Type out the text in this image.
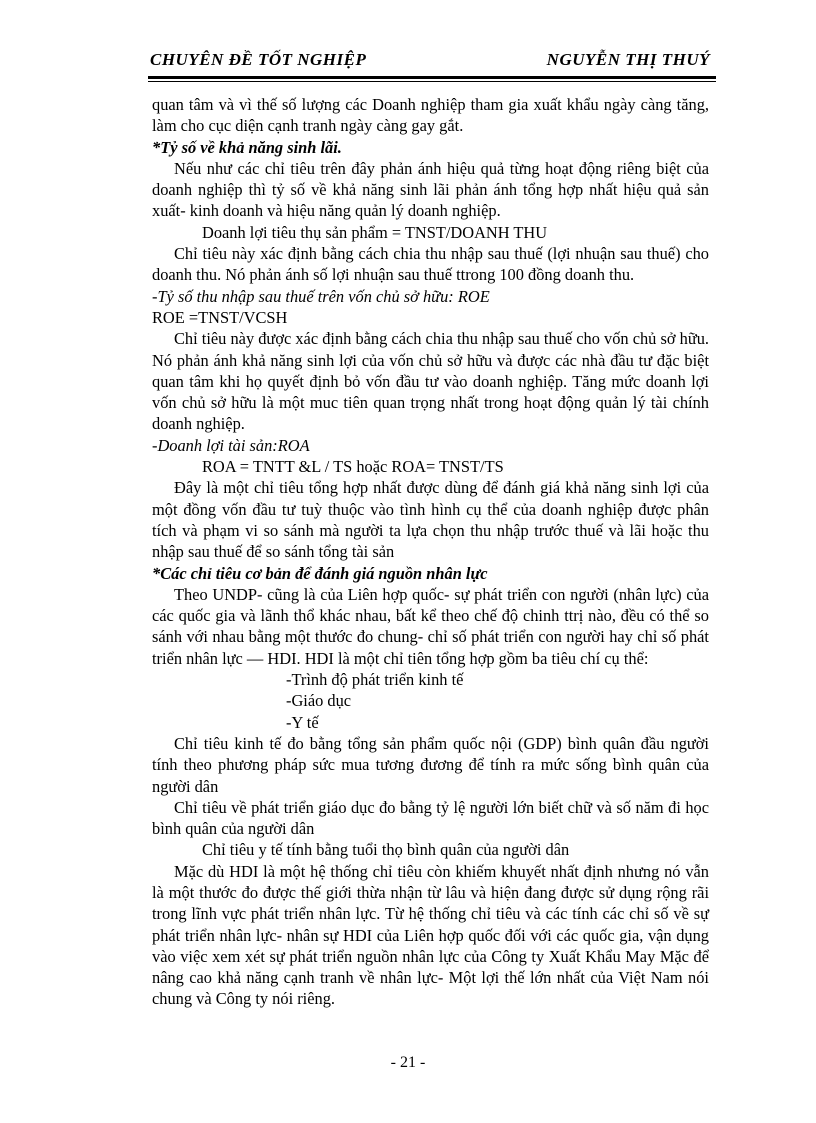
CHUYÊN ĐỀ TỐT NGHIỆP	NGUYỄN THỊ THUÝ

quan tâm và vì thế số lượng các Doanh nghiệp tham gia xuất khẩu ngày càng tăng, làm cho cục diện cạnh tranh ngày càng gay gắt.

*Tỷ số về khả năng sinh lãi.

Nếu như các chỉ tiêu trên đây phản ánh hiệu quả từng hoạt động riêng biệt của doanh nghiệp thì tỷ số về khả năng sinh lãi phản ánh tổng hợp nhất hiệu quả sản xuất- kinh doanh và hiệu năng quản lý doanh nghiệp.

Doanh lợi tiêu thụ sản phẩm = TNST/DOANH THU

Chỉ tiêu này xác định bằng cách chia thu nhập sau thuế (lợi nhuận sau thuế) cho doanh thu. Nó phản ánh số lợi nhuận sau thuế ttrong 100 đồng doanh thu.

-Tỷ số thu nhập sau thuế trên vốn chủ sở hữu: ROE

ROE =TNST/VCSH

Chỉ tiêu này được xác định bằng cách chia thu nhập sau thuế cho vốn chủ sở hữu. Nó phản ánh khả năng sinh lợi của vốn chủ sở hữu và được các nhà đầu tư đặc biệt quan tâm khi họ quyết định bỏ vốn đầu tư vào doanh nghiệp. Tăng mức doanh lợi vốn chủ sở hữu là một muc tiên quan trọng nhất trong hoạt động quản lý tài chính doanh nghiệp.

-Doanh lợi tài sản:ROA

ROA = TNTT &L / TS hoặc ROA= TNST/TS

Đây là một chỉ tiêu tổng hợp nhất được dùng để đánh giá khả năng sinh lợi của một đồng vốn đầu tư tuỳ thuộc vào tình hình cụ thể của doanh nghiệp được phân tích và phạm vi so sánh mà người ta lựa chọn thu nhập trước thuế và lãi hoặc thu nhập sau thuế để so sánh tổng tài sản

*Các chỉ tiêu cơ bản để đánh giá nguồn nhân lực

Theo UNDP- cũng là của Liên hợp quốc- sự phát triển con người (nhân lực) của các quốc gia và lãnh thổ khác nhau, bất kể theo chế độ chinh ttrị nào, đều có thể so sánh với nhau bằng một thước đo chung- chỉ số phát triển con người hay chỉ số phát triển nhân lực — HDI. HDI là một chỉ tiên tổng hợp gồm ba tiêu chí cụ thể:

-Trình độ phát triển kinh tế

-Giáo dục

-Y tế

Chỉ tiêu kinh tế đo bằng tổng sản phẩm quốc nội (GDP) bình quân đầu người tính theo phương pháp sức mua tương đương để tính ra mức sống bình quân của người dân

Chỉ tiêu về phát triển giáo dục đo bằng tỷ lệ người lớn biết chữ và số năm đi học bình quân của người dân

Chỉ tiêu y tế tính bằng tuổi thọ bình quân của người dân

Mặc dù HDI là một hệ thống chỉ tiêu còn khiếm khuyết nhất định nhưng nó vẫn là một thước đo được thế giới thừa nhận từ lâu và hiện đang được sử dụng rộng rãi trong lĩnh vực phát triển nhân lực. Từ hệ thống chỉ tiêu và các tính các chỉ số về sự phát triển nhân lực- nhân sự HDI của Liên hợp quốc đối với các quốc gia, vận dụng vào việc xem xét sự phát triển nguồn nhân lực của Công ty Xuất Khẩu May Mặc để nâng cao khả năng cạnh tranh về nhân lực- Một lợi thế lớn nhất của Việt Nam nói chung và Công ty nói riêng.

- 21 -
